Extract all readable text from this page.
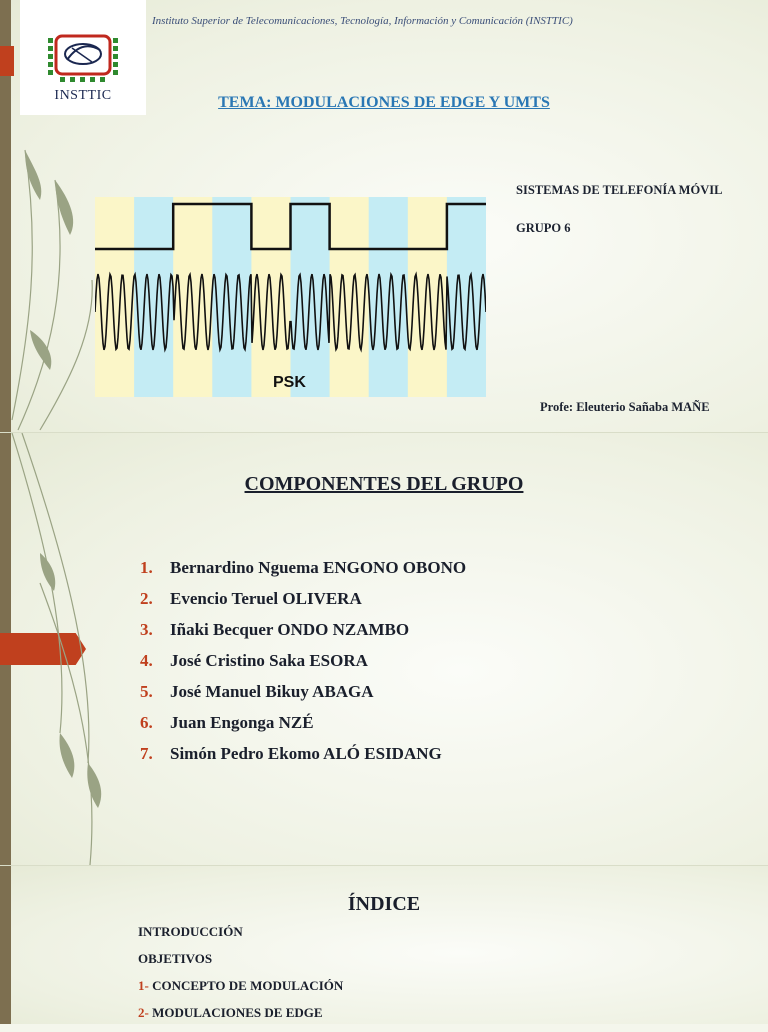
INSTTIC
Instituto Superior de Telecomunicaciones, Tecnología, Información y Comunicación (INSTTIC)
TEMA: MODULACIONES DE EDGE Y UMTS
SISTEMAS DE TELEFONÍA MÓVIL
GRUPO 6
Profe: Eleuterio Sañaba MAÑE
PSK
COMPONENTES DEL GRUPO
1. Bernardino Nguema ENGONO OBONO
2. Evencio Teruel OLIVERA
3. Iñaki Becquer ONDO NZAMBO
4. José Cristino Saka ESORA
5. José Manuel Bikuy ABAGA
6. Juan Engonga NZÉ
7. Simón Pedro Ekomo ALÓ ESIDANG
ÍNDICE
INTRODUCCIÓN
OBJETIVOS
1- CONCEPTO DE MODULACIÓN
2- MODULACIONES DE EDGE
